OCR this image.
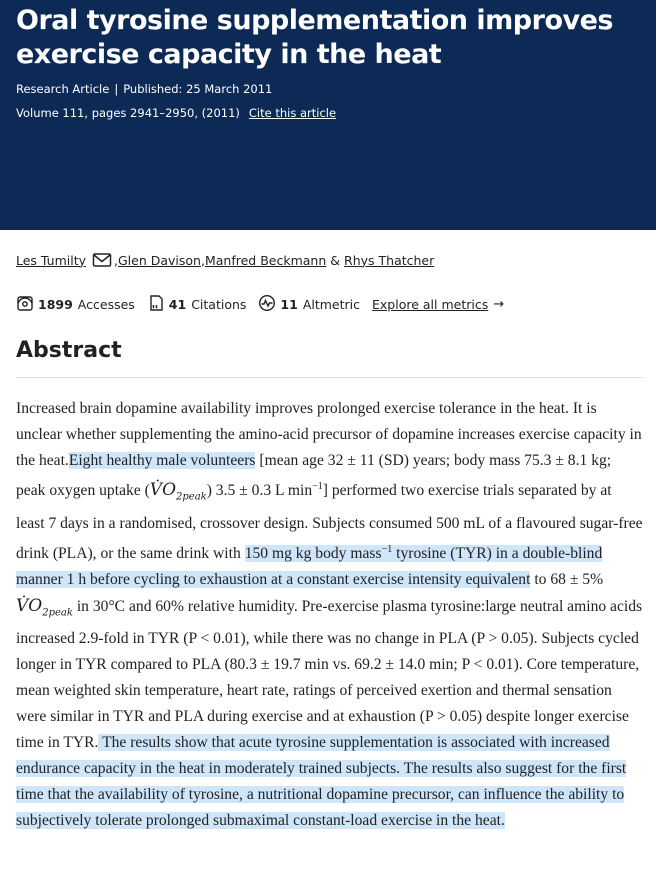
Oral tyrosine supplementation improves exercise capacity in the heat
Research Article | Published: 25 March 2011
Volume 111, pages 2941–2950, (2011) Cite this article
Les Tumilty , Glen Davison , Manfred Beckmann & Rhys Thatcher
1899 Accesses	41 Citations	11 Altmetric Explore all metrics →
Abstract

Increased brain dopamine availability improves prolonged exercise tolerance in the heat. It is unclear whether supplementing the amino-acid precursor of dopamine increases exercise capacity in the heat.Eight healthy male volunteers [mean age 32 ± 11 (SD) years; body mass 75.3 ± 8.1 kg; peak oxygen uptake $(V̇O_{2peak}) 3.5 \pm 0.3$ L $\min^{-1}$] performed two exercise trials separated by at least 7 days in a randomised, crossover design. Subjects consumed 500 mL of a flavoured sugar-free drink (PLA), or the same drink with 150 mg kg body mass$^{-1}$ tyrosine (TYR) in a double-blind manner 1 h before cycling to exhaustion at a constant exercise intensity equivalent to 68 ± 5% $V̇O_{2peak}$ in 30°C and 60% relative humidity. Pre-exercise plasma tyrosine:large neutral amino acids increased 2.9-fold in TYR (P < 0.01), while there was no change in PLA (P > 0.05). Subjects cycled longer in TYR compared to PLA (80.3 ± 19.7 min vs. 69.2 ± 14.0 min; P < 0.01). Core temperature, mean weighted skin temperature, heart rate, ratings of perceived exertion and thermal sensation were similar in TYR and PLA during exercise and at exhaustion (P > 0.05) despite longer exercise time in TYR. The results show that acute tyrosine supplementation is associated with increased endurance capacity in the heat in moderately trained subjects. The results also suggest for the first time that the availability of tyrosine, a nutritional dopamine precursor, can influence the ability to subjectively tolerate prolonged submaximal constant-load exercise in the heat.
